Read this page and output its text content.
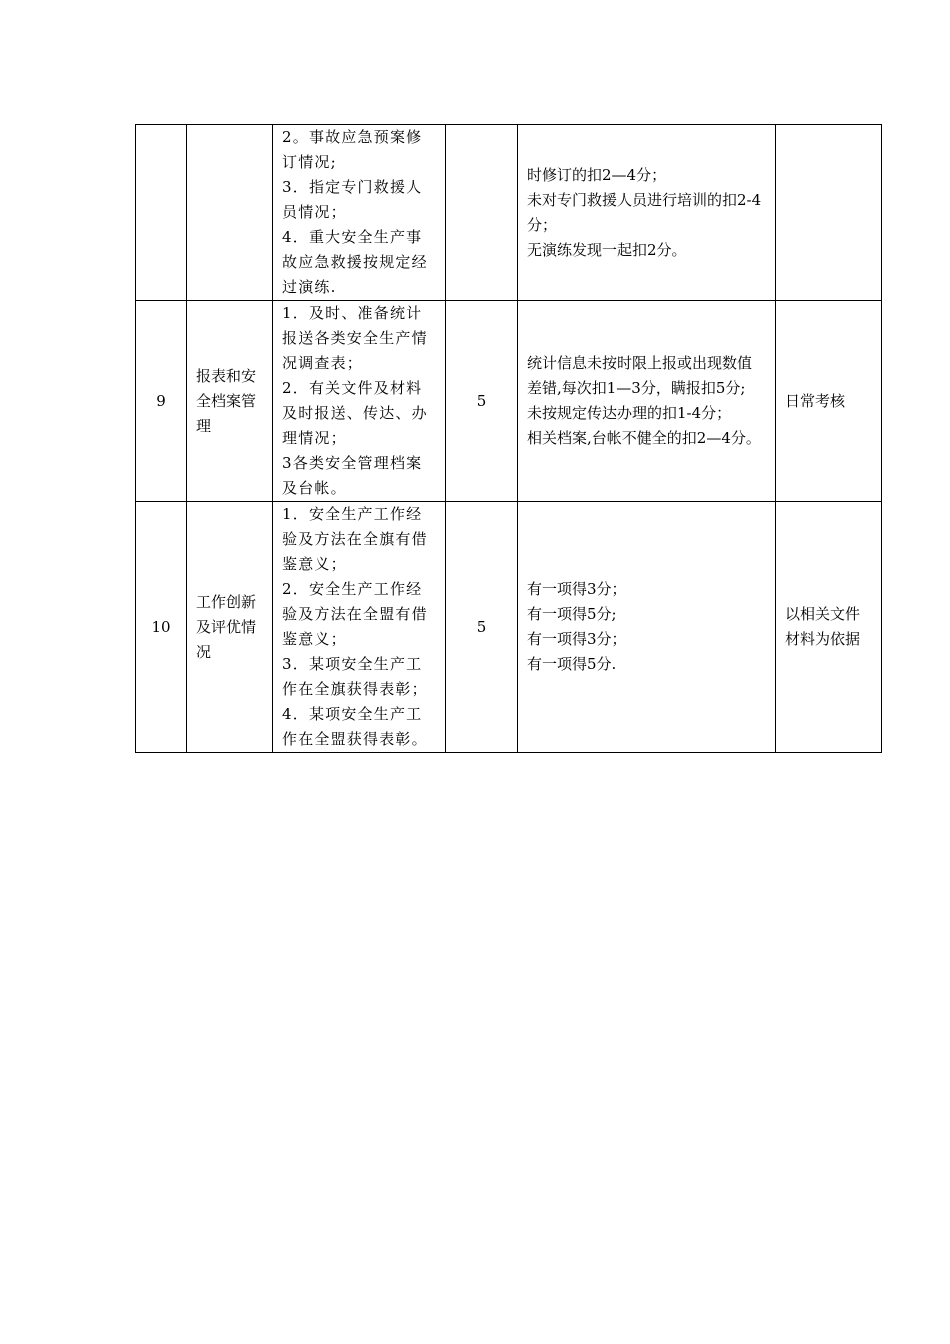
		2。事故应急预案修订情况;
3．指定专门救援人员情况；
4．重大安全生产事故应急救援按规定经过演练.		时修订的扣2—4分；
未对专门救援人员进行培训的扣2-4分；
无演练发现一起扣2分。	

9	报表和安全档案管理	1．及时、准备统计报送各类安全生产情况调查表；
2．有关文件及材料及时报送、传达、办理情况；
3各类安全管理档案及台帐。	5	统计信息未按时限上报或出现数值差错,每次扣1—3分，瞒报扣5分;
未按规定传达办理的扣1-4分；
相关档案,台帐不健全的扣2—4分。	日常考核
10	工作创新及评优情况	1．安全生产工作经验及方法在全旗有借鉴意义；
2．安全生产工作经验及方法在全盟有借鉴意义；
3．某项安全生产工作在全旗获得表彰；
4．某项安全生产工作在全盟获得表彰。	5	有一项得3分；
有一项得5分;
有一项得3分；
有一项得5分.	以相关文件材料为依据
